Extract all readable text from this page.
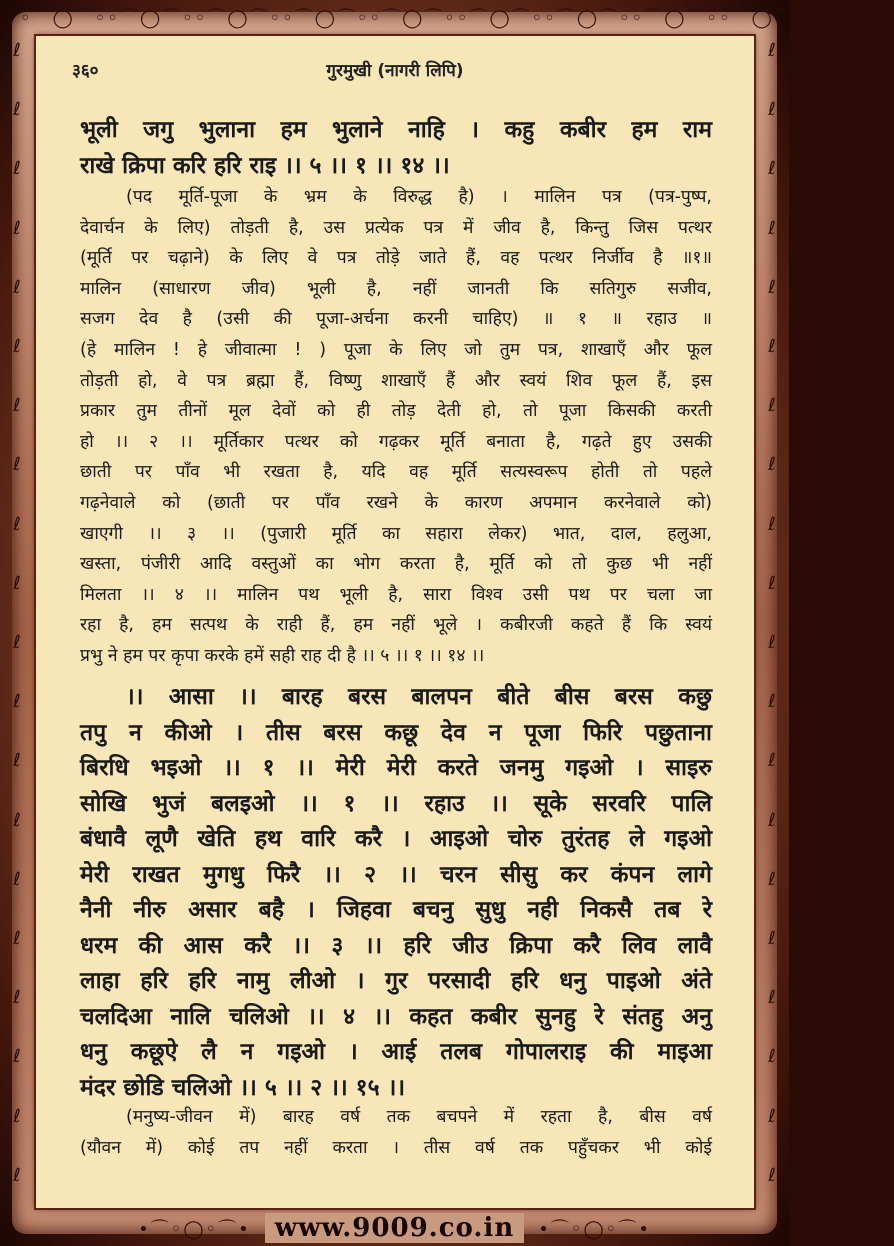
◦⌒◯⌒◦◦⌒◯⌒◦◦⌒◯⌒◦◦⌒◯⌒◦◦⌒◯⌒◦◦⌒◯⌒◦◦⌒◯⌒◦◦⌒◯⌒◦◦⌒◯⌒◦◦⌒◯⌒◦
ℓ
ℓ
ℓ
ℓ
ℓ
ℓ
ℓ
ℓ
ℓ
ℓ
ℓ
ℓ
ℓ
ℓ
ℓ
ℓ
ℓ
ℓ
ℓ
ℓ
ℓ
ℓ
ℓ
ℓ
ℓ
ℓ
ℓ
ℓ
ℓ
ℓ
ℓ
ℓ
ℓ
ℓ
ℓ
ℓ
ℓ
ℓ
ℓ
ℓ
३६०	गुरमुखी (नागरी लिपि)
भूली जगु भुलाना हम भुलाने नाहि । कहु कबीर हम राम
राखे क्रिपा करि हरि राइ ।। ५ ।। १ ।। १४ ।।
(पद मूर्ति-पूजा के भ्रम के विरुद्ध है) । मालिन पत्र (पत्र-पुष्प,
देवार्चन के लिए) तोड़ती है, उस प्रत्येक पत्र में जीव है, किन्तु जिस पत्थर
(मूर्ति पर चढ़ाने) के लिए वे पत्र तोड़े जाते हैं, वह पत्थर निर्जीव है ॥१॥
मालिन (साधारण जीव) भूली है, नहीं जानती कि सतिगुरु सजीव,
सजग देव है (उसी की पूजा-अर्चना करनी चाहिए) ॥ १ ॥ रहाउ ॥
(हे मालिन ! हे जीवात्मा ! ) पूजा के लिए जो तुम पत्र, शाखाएँ और फूल
तोड़ती हो, वे पत्र ब्रह्मा हैं, विष्णु शाखाएँ हैं और स्वयं शिव फूल हैं, इस
प्रकार तुम तीनों मूल देवों को ही तोड़ देती हो, तो पूजा किसकी करती
हो ।। २ ।। मूर्तिकार पत्थर को गढ़कर मूर्ति बनाता है, गढ़ते हुए उसकी
छाती पर पाँव भी रखता है, यदि वह मूर्ति सत्यस्वरूप होती तो पहले
गढ़नेवाले को (छाती पर पाँव रखने के कारण अपमान करनेवाले को)
खाएगी ।। ३ ।। (पुजारी मूर्ति का सहारा लेकर) भात, दाल, हलुआ,
खस्ता, पंजीरी आदि वस्तुओं का भोग करता है, मूर्ति को तो कुछ भी नहीं
मिलता ।। ४ ।। मालिन पथ भूली है, सारा विश्व उसी पथ पर चला जा
रहा है, हम सत्पथ के राही हैं, हम नहीं भूले । कबीरजी कहते हैं कि स्वयं
प्रभु ने हम पर कृपा करके हमें सही राह दी है ।। ५ ।। १ ।। १४ ।।
।। आसा ।। बारह बरस बालपन बीते बीस बरस कछु
तपु न कीओ । तीस बरस कछू देव न पूजा फिरि पछुताना
बिरधि भइओ ।। १ ।। मेरी मेरी करते जनमु गइओ । साइरु
सोखि भुजं बलइओ ।। १ ।। रहाउ ।। सूके सरवरि पालि
बंधावै लूणै खेति हथ वारि करै । आइओ चोरु तुरंतह ले गइओ
मेरी राखत मुगधु फिरै ।। २ ।। चरन सीसु कर कंपन लागे
नैनी नीरु असार बहै । जिहवा बचनु सुधु नही निकसै तब रे
धरम की आस करै ।। ३ ।। हरि जीउ क्रिपा करै लिव लावै
लाहा हरि हरि नामु लीओ । गुर परसादी हरि धनु पाइओ अंते
चलदिआ नालि चलिओ ।। ४ ।। कहत कबीर सुनहु रे संतहु अनु
धनु कछूऐ लै न गइओ । आई तलब गोपालराइ की माइआ
मंदर छोडि चलिओ ।। ५ ।। २ ।। १५ ।।
(मनुष्य-जीवन में) बारह वर्ष तक बचपने में रहता है, बीस वर्ष
(यौवन में) कोई तप नहीं करता । तीस वर्ष तक पहुँचकर भी कोई
•⌒◦◯◦⌒• www.9009.co.in	•⌒◦◯◦⌒•
